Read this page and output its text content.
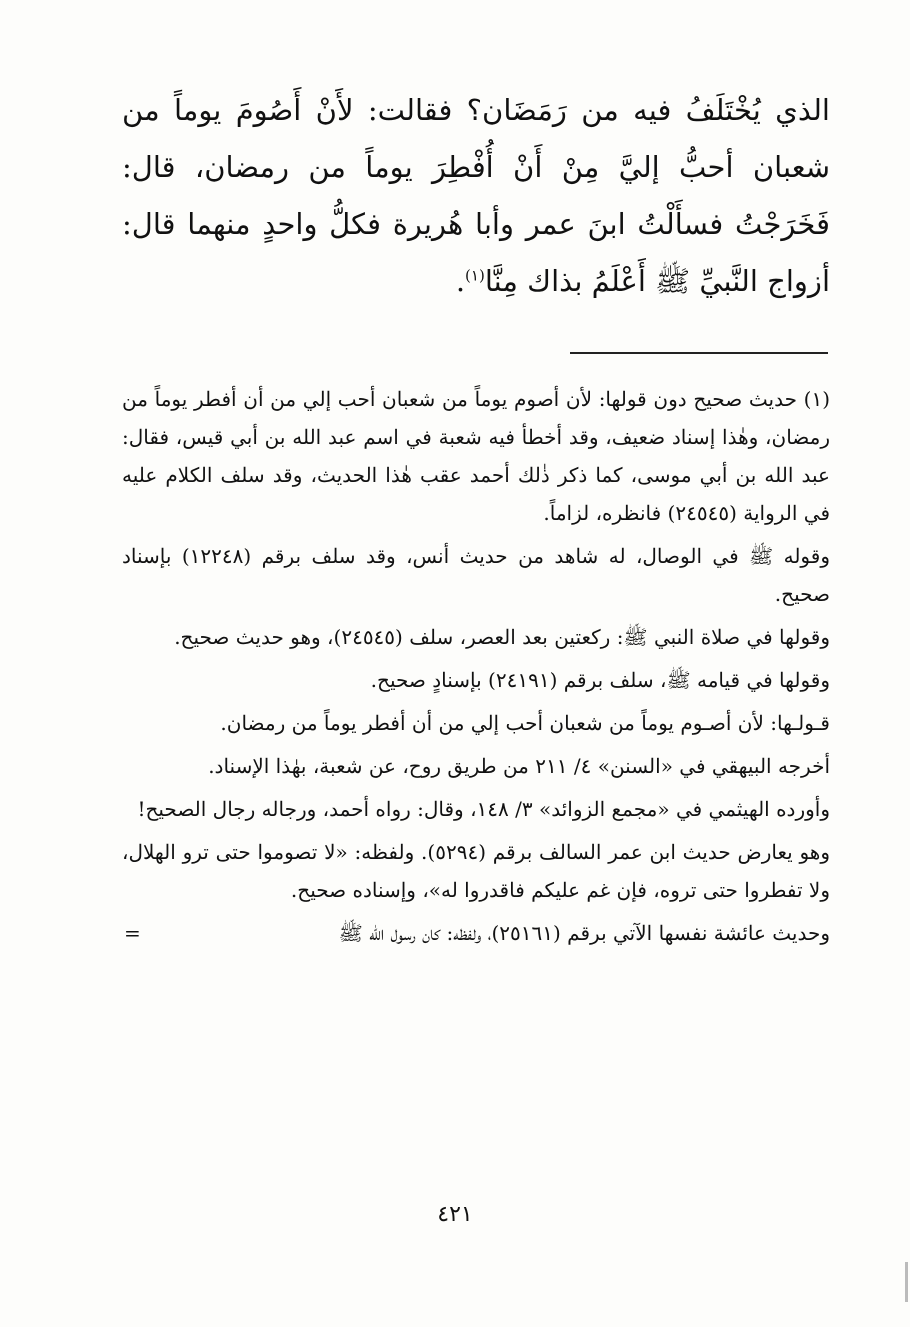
الذي يُخْتَلَفُ فيه من رَمَضَان؟ فقالت: لأَنْ أَصُومَ يوماً من شعبان أحبُّ إليَّ مِنْ أَنْ أُفْطِرَ يوماً من رمضان، قال: فَخَرَجْتُ فسأَلْتُ ابنَ عمر وأبا هُريرة فكلُّ واحدٍ منهما قال: أزواج النَّبيِّ ﷺ أَعْلَمُ بذاك مِنَّا$^{(١)}$.

(١) حديث صحيح دون قولها: لأن أصوم يوماً من شعبان أحب إلي من أن أفطر يوماً من رمضان، وهٰذا إسناد ضعيف، وقد أخطأ فيه شعبة في اسم عبد الله بن أبي قيس، فقال: عبد الله بن أبي موسى، كما ذكر ذٰلك أحمد عقب هٰذا الحديث، وقد سلف الكلام عليه في الرواية (٢٤٥٤٥) فانظره، لزاماً.

وقوله ﷺ في الوصال، له شاهد من حديث أنس، وقد سلف برقم (١٢٢٤٨) بإسناد صحيح.

وقولها في صلاة النبي ﷺ: ركعتين بعد العصر، سلف (٢٤٥٤٥)، وهو حديث صحيح.

وقولها في قيامه ﷺ، سلف برقم (٢٤١٩١) بإسنادٍ صحيح.

قـولـها: لأن أصـوم يوماً من شعبان أحب إلي من أن أفطر يوماً من رمضان.

أخرجه البيهقي في «السنن» ٤/ ٢١١ من طريق روح، عن شعبة، بهٰذا الإسناد.

وأورده الهيثمي في «مجمع الزوائد» ٣/ ١٤٨، وقال: رواه أحمد، ورجاله رجال الصحيح!

وهو يعارض حديث ابن عمر السالف برقم (٥٢٩٤). ولفظه: «لا تصوموا حتى ترو الهلال، ولا تفطروا حتى تروه، فإن غم عليكم فاقدروا له»، وإسناده صحيح.

وحديث عائشة نفسها الآتي برقم (٢٥١٦١)، ولفظه: كان رسول الله ﷺ
=
٤٢١
